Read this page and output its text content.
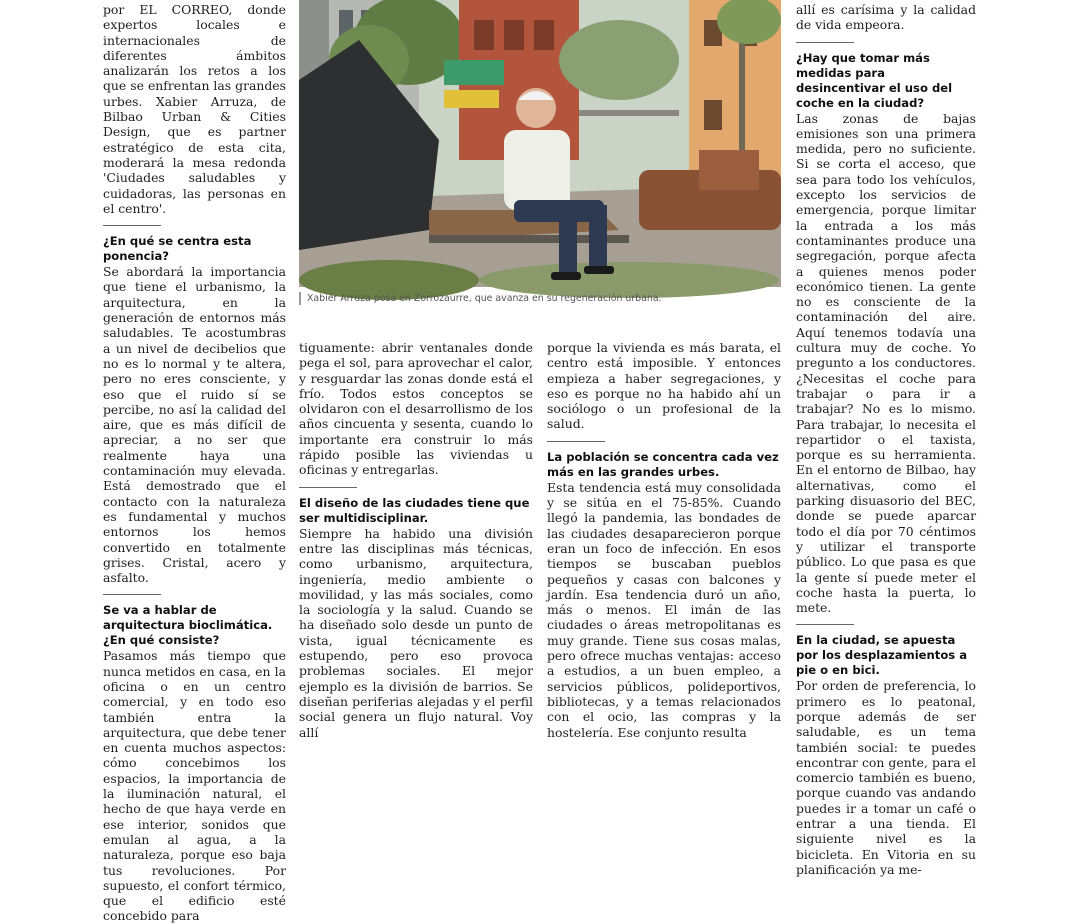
por EL CORREO, donde expertos locales e internacionales de diferentes ámbitos analizarán los retos a los que se enfrentan las grandes urbes. Xabier Arruza, de Bilbao Urban & Cities Design, que es partner estratégico de esta cita, moderará la mesa redonda 'Ciudades saludables y cuidadoras, las personas en el centro'.

¿En qué se centra esta ponencia?

Se abordará la importancia que tiene el urbanismo, la arquitectura, en la generación de entornos más saludables. Te acostumbras a un nivel de decibelios que no es lo normal y te altera, pero no eres consciente, y eso que el ruido sí se percibe, no así la calidad del aire, que es más difícil de apreciar, a no ser que realmente haya una contaminación muy elevada. Está demostrado que el contacto con la naturaleza es fundamental y muchos entornos los hemos convertido en totalmente grises. Cristal, acero y asfalto.

Se va a hablar de arquitectura bioclimática. ¿En qué consiste?

Pasamos más tiempo que nunca metidos en casa, en la oficina o en un centro comercial, y en todo eso también entra la arquitectura, que debe tener en cuenta muchos aspectos: cómo concebimos los espacios, la importancia de la iluminación natural, el hecho de que haya verde en ese interior, sonidos que emulan al agua, a la naturaleza, porque eso baja tus revoluciones. Por supuesto, el confort térmico, que el edificio esté concebido para

Xabier Arruza posa en Zorrozaurre, que avanza en su regeneración urbana.

tiguamente: abrir ventanales donde pega el sol, para aprovechar el calor, y resguardar las zonas donde está el frío. Todos estos conceptos se olvidaron con el desarrollismo de los años cincuenta y sesenta, cuando lo importante era construir lo más rápido posible las viviendas u oficinas y entregarlas.

El diseño de las ciudades tiene que ser multidisciplinar.

Siempre ha habido una división entre las disciplinas más técnicas, como urbanismo, arquitectura, ingeniería, medio ambiente o movilidad, y las más sociales, como la sociología y la salud. Cuando se ha diseñado solo desde un punto de vista, igual técnicamente es estupendo, pero eso provoca problemas sociales. El mejor ejemplo es la división de barrios. Se diseñan periferias alejadas y el perfil social genera un flujo natural. Voy allí

porque la vivienda es más barata, el centro está imposible. Y entonces empieza a haber segregaciones, y eso es porque no ha habido ahí un sociólogo o un profesional de la salud.

La población se concentra cada vez más en las grandes urbes.

Esta tendencia está muy consolidada y se sitúa en el 75-85%. Cuando llegó la pandemia, las bondades de las ciudades desaparecieron porque eran un foco de infección. En esos tiempos se buscaban pueblos pequeños y casas con balcones y jardín. Esa tendencia duró un año, más o menos. El imán de las ciudades o áreas metropolitanas es muy grande. Tiene sus cosas malas, pero ofrece muchas ventajas: acceso a estudios, a un buen empleo, a servicios públicos, polideportivos, bibliotecas, y a temas relacionados con el ocio, las compras y la hostelería. Ese conjunto resulta

allí es carísima y la calidad de vida empeora.

¿Hay que tomar más medidas para desincentivar el uso del coche en la ciudad?

Las zonas de bajas emisiones son una primera medida, pero no suficiente. Si se corta el acceso, que sea para todo los vehículos, excepto los servicios de emergencia, porque limitar la entrada a los más contaminantes produce una segregación, porque afecta a quienes menos poder económico tienen. La gente no es consciente de la contaminación del aire. Aquí tenemos todavía una cultura muy de coche. Yo pregunto a los conductores. ¿Necesitas el coche para trabajar o para ir a trabajar? No es lo mismo. Para trabajar, lo necesita el repartidor o el taxista, porque es su herramienta. En el entorno de Bilbao, hay alternativas, como el parking disuasorio del BEC, donde se puede aparcar todo el día por 70 céntimos y utilizar el transporte público. Lo que pasa es que la gente sí puede meter el coche hasta la puerta, lo mete.

En la ciudad, se apuesta por los desplazamientos a pie o en bici.

Por orden de preferencia, lo primero es lo peatonal, porque además de ser saludable, es un tema también social: te puedes encontrar con gente, para el comercio también es bueno, porque cuando vas andando puedes ir a tomar un café o entrar a una tienda. El siguiente nivel es la bicicleta. En Vitoria en su planificación ya me-
